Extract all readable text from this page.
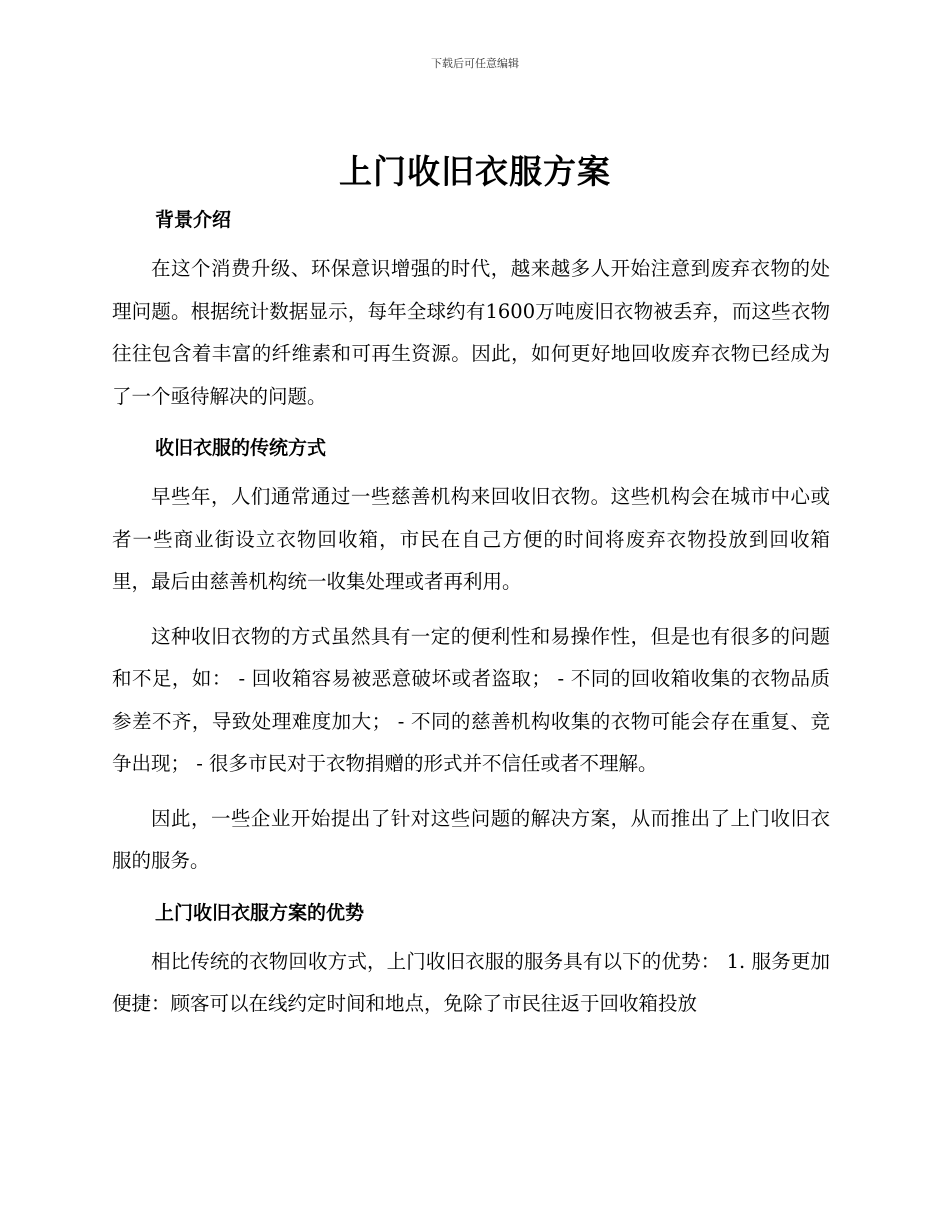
下载后可任意编辑
上门收旧衣服方案
背景介绍

在这个消费升级、环保意识增强的时代，越来越多人开始注意到废弃衣物的处理问题。根据统计数据显示，每年全球约有1600万吨废旧衣物被丢弃，而这些衣物往往包含着丰富的纤维素和可再生资源。因此，如何更好地回收废弃衣物已经成为了一个亟待解决的问题。

收旧衣服的传统方式

早些年，人们通常通过一些慈善机构来回收旧衣物。这些机构会在城市中心或者一些商业街设立衣物回收箱，市民在自己方便的时间将废弃衣物投放到回收箱里，最后由慈善机构统一收集处理或者再利用。

这种收旧衣物的方式虽然具有一定的便利性和易操作性，但是也有很多的问题和不足，如： - 回收箱容易被恶意破坏或者盗取； - 不同的回收箱收集的衣物品质参差不齐，导致处理难度加大； - 不同的慈善机构收集的衣物可能会存在重复、竞争出现； - 很多市民对于衣物捐赠的形式并不信任或者不理解。

因此，一些企业开始提出了针对这些问题的解决方案，从而推出了上门收旧衣服的服务。

上门收旧衣服方案的优势

相比传统的衣物回收方式，上门收旧衣服的服务具有以下的优势： 1. 服务更加便捷：顾客可以在线约定时间和地点，免除了市民往返于回收箱投放
